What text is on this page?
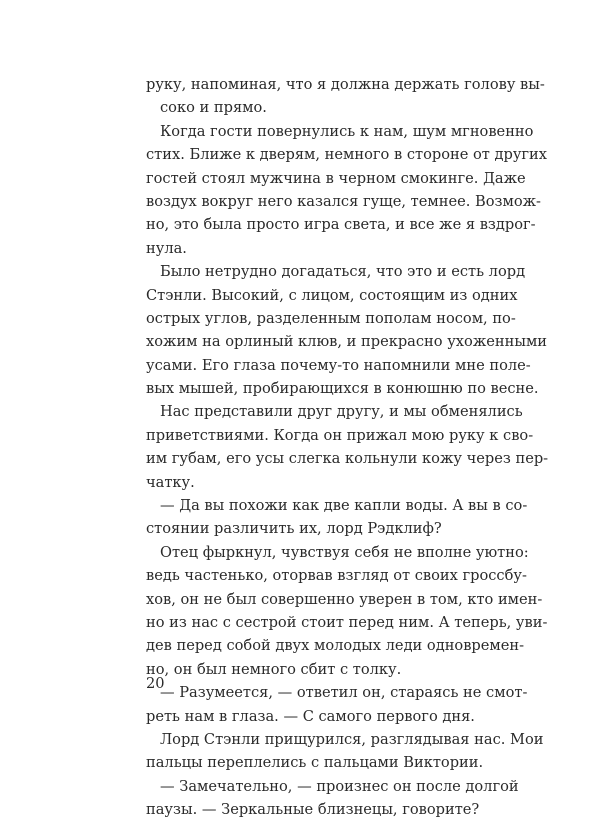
руку, напоминая, что я должна держать голову вы-
соко и прямо.
Когда гости повернулись к нам, шум мгновенно
стих. Ближе к дверям, немного в стороне от других
гостей стоял мужчина в черном смокинге. Даже
воздух вокруг него казался гуще, темнее. Возмож-
но, это была просто игра света, и все же я вздрог-
нула.
Было нетрудно догадаться, что это и есть лорд
Стэнли. Высокий, с лицом, состоящим из одних
острых углов, разделенным пополам носом, по-
хожим на орлиный клюв, и прекрасно ухоженными
усами. Его глаза почему-то напомнили мне поле-
вых мышей, пробирающихся в конюшню по весне.
Нас представили друг другу, и мы обменялись
приветствиями. Когда он прижал мою руку к сво-
им губам, его усы слегка кольнули кожу через пер-
чатку.
— Да вы похожи как две капли воды. А вы в со-
стоянии различить их, лорд Рэдклиф?
Отец фыркнул, чувствуя себя не вполне уютно:
ведь частенько, оторвав взгляд от своих гроссбу-
хов, он не был совершенно уверен в том, кто имен-
но из нас с сестрой стоит перед ним. А теперь, уви-
дев перед собой двух молодых леди одновремен-
но, он был немного сбит с толку.
— Разумеется, — ответил он, стараясь не смот-
реть нам в глаза. — С самого первого дня.
Лорд Стэнли прищурился, разглядывая нас. Мои
пальцы переплелись с пальцами Виктории.
— Замечательно, — произнес он после долгой
паузы. — Зеркальные близнецы, говорите?
20
